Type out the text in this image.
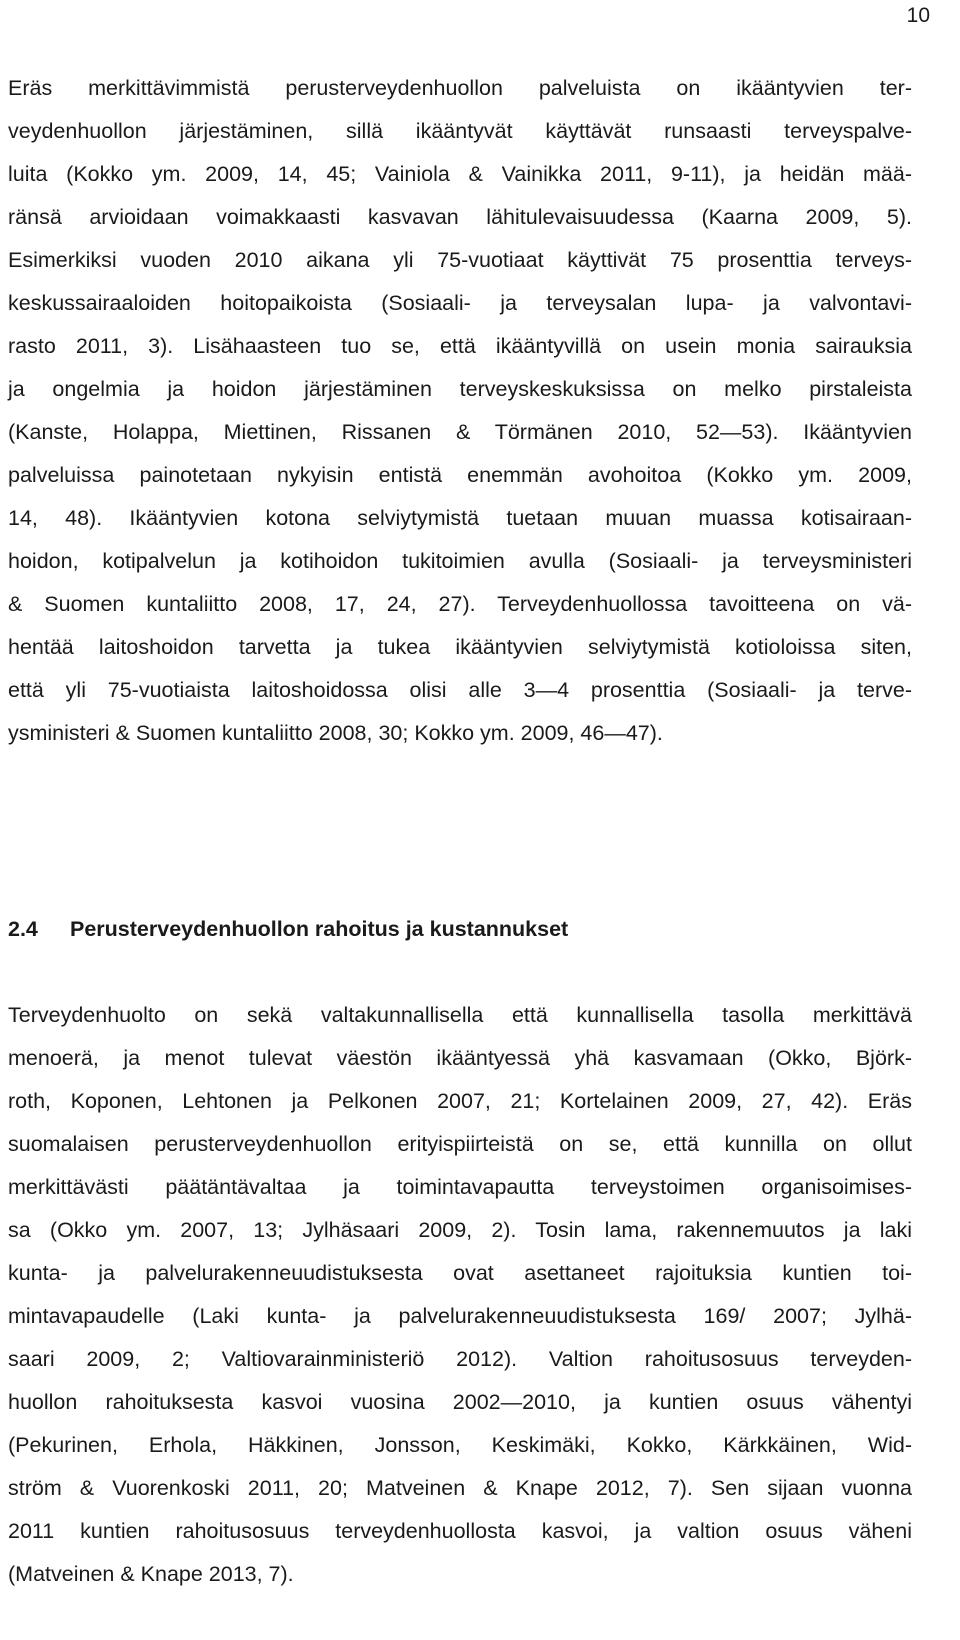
10
Eräs merkittävimmistä perusterveydenhuollon palveluista on ikääntyvien ter-
veydenhuollon järjestäminen, sillä ikääntyvät käyttävät runsaasti terveyspalve-
luita (Kokko ym. 2009, 14, 45; Vainiola & Vainikka 2011, 9-11), ja heidän mää-
ränsä arvioidaan voimakkaasti kasvavan lähitulevaisuudessa (Kaarna 2009, 5).
Esimerkiksi vuoden 2010 aikana yli 75-vuotiaat käyttivät 75 prosenttia terveys-
keskussairaaloiden hoitopaikoista (Sosiaali- ja terveysalan lupa- ja valvontavi-
rasto 2011, 3). Lisähaasteen tuo se, että ikääntyvillä on usein monia sairauksia
ja ongelmia ja hoidon järjestäminen terveyskeskuksissa on melko pirstaleista
(Kanste, Holappa, Miettinen, Rissanen & Törmänen 2010, 52—53). Ikääntyvien
palveluissa painotetaan nykyisin entistä enemmän avohoitoa (Kokko ym. 2009,
14, 48). Ikääntyvien kotona selviytymistä tuetaan muuan muassa kotisairaan-
hoidon, kotipalvelun ja kotihoidon tukitoimien avulla (Sosiaali- ja terveysministeri
& Suomen kuntaliitto 2008, 17, 24, 27). Terveydenhuollossa tavoitteena on vä-
hentää laitoshoidon tarvetta ja tukea ikääntyvien selviytymistä kotioloissa siten,
että yli 75-vuotiaista laitoshoidossa olisi alle 3—4 prosenttia (Sosiaali- ja terve-
ysministeri & Suomen kuntaliitto 2008, 30; Kokko ym. 2009, 46—47).
2.4 Perusterveydenhuollon rahoitus ja kustannukset
Terveydenhuolto on sekä valtakunnallisella että kunnallisella tasolla merkittävä
menoerä, ja menot tulevat väestön ikääntyessä yhä kasvamaan (Okko, Björk-
roth, Koponen, Lehtonen ja Pelkonen 2007, 21; Kortelainen 2009, 27, 42). Eräs
suomalaisen perusterveydenhuollon erityispiirteistä on se, että kunnilla on ollut
merkittävästi päätäntävaltaa ja toimintavapautta terveystoimen organisoimises-
sa (Okko ym. 2007, 13; Jylhäsaari 2009, 2). Tosin lama, rakennemuutos ja laki
kunta- ja palvelurakenneuudistuksesta ovat asettaneet rajoituksia kuntien toi-
mintavapaudelle (Laki kunta- ja palvelurakenneuudistuksesta 169/ 2007; Jylhä-
saari 2009, 2; Valtiovarainministeriö 2012). Valtion rahoitusosuus terveyden-
huollon rahoituksesta kasvoi vuosina 2002—2010, ja kuntien osuus vähentyi
(Pekurinen, Erhola, Häkkinen, Jonsson, Keskimäki, Kokko, Kärkkäinen, Wid-
ström & Vuorenkoski 2011, 20; Matveinen & Knape 2012, 7). Sen sijaan vuonna
2011 kuntien rahoitusosuus terveydenhuollosta kasvoi, ja valtion osuus väheni
(Matveinen & Knape 2013, 7).
